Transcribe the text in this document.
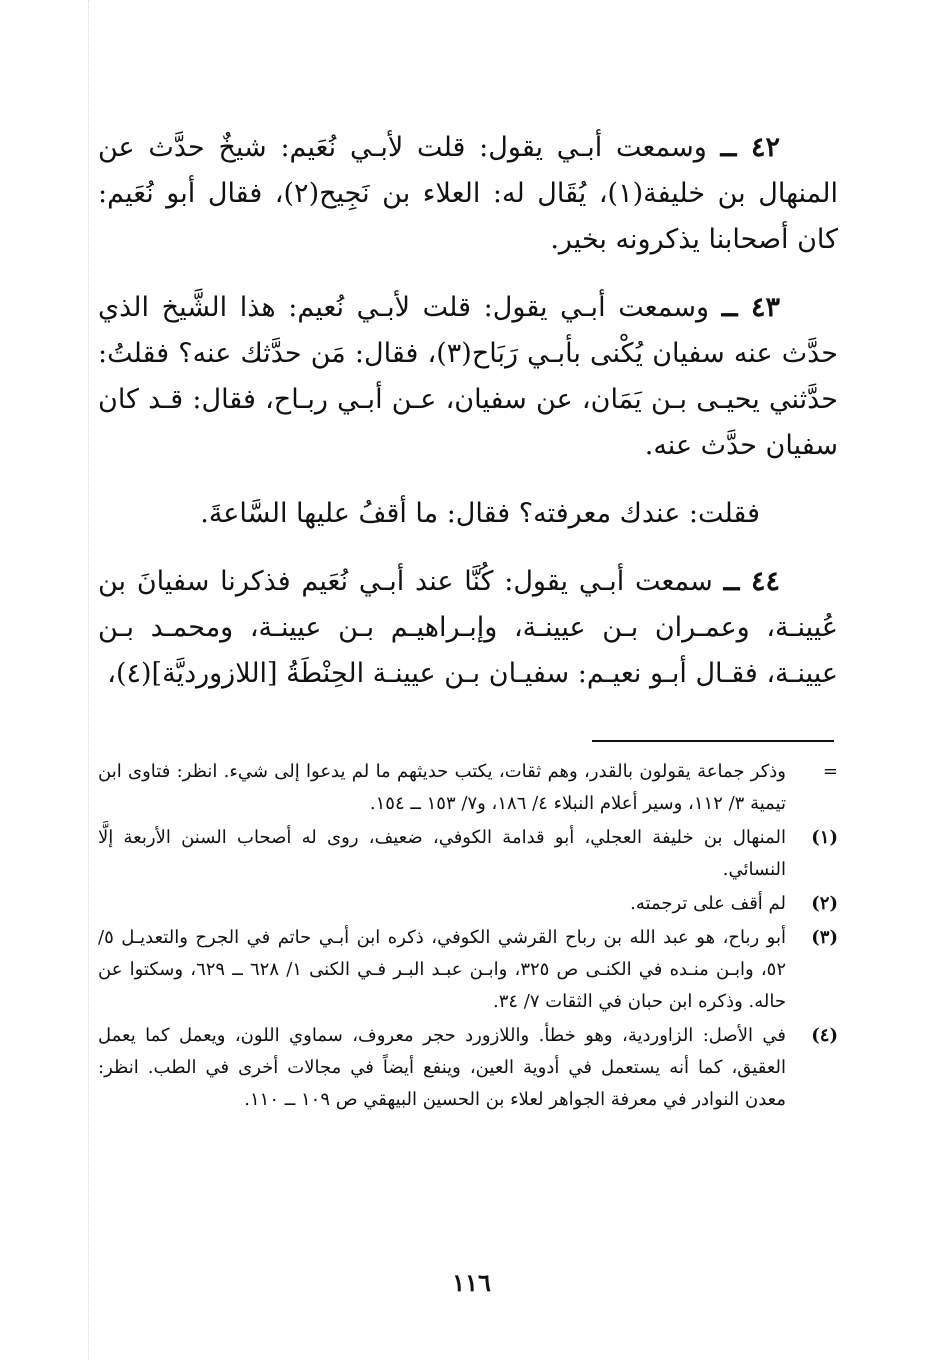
٤٢ ــ وسمعت أبـي يقول: قلت لأبـي نُعَيم: شيخٌ حدَّث عن المنهال بن خليفة(١)، يُقَال له: العلاء بن نَجِيح(٢)، فقال أبو نُعَيم: كان أصحابنا يذكرونه بخير.

٤٣ ــ وسمعت أبـي يقول: قلت لأبـي نُعيم: هذا الشَّيخ الذي حدَّث عنه سفيان يُكْنى بأبـي رَبَاح(٣)، فقال: مَن حدَّثك عنه؟ فقلتُ: حدَّثني يحيـى بـن يَمَان، عن سفيان، عـن أبـي ربـاح، فقال: قـد كان سفيان حدَّث عنه.

فقلت: عندك معرفته؟ فقال: ما أقفُ عليها السَّاعةَ.

٤٤ ــ سمعت أبـي يقول: كُنَّا عند أبـي نُعَيم فذكرنا سفيانَ بن عُيينـة، وعمـران بـن عيينـة، وإبـراهيـم بـن عيينـة، ومحمـد بـن عيينـة، فقـال أبـو نعيـم: سفيـان بـن عيينـة الحِنْطَةُ [اللازورديَّة](٤)،

=

وذكر جماعة يقولون بالقدر، وهم ثقات، يكتب حديثهم ما لم يدعوا إلى شيء. انظر: فتاوى ابن تيمية ٣/ ١١٢، وسير أعلام النبلاء ٤/ ١٨٦، و٧/ ١٥٣ ــ ١٥٤.

(١)

المنهال بن خليفة العجلي، أبو قدامة الكوفي، ضعيف، روى له أصحاب السنن الأربعة إلَّا النسائي.

(٢)

لم أقف على ترجمته.

(٣)

أبو رباح، هو عبد الله بن رباح القرشي الكوفي، ذكره ابن أبـي حاتم في الجرح والتعديـل ٥/ ٥٢، وابـن منـده في الكنـى ص ٣٢٥، وابـن عبـد البـر فـي الكنى ١/ ٦٢٨ ــ ٦٢٩، وسكتوا عن حاله. وذكره ابن حبان في الثقات ٧/ ٣٤.

(٤)

في الأصل: الزاوردية، وهو خطأ. واللازورد حجر معروف، سماوي اللون، ويعمل كما يعمل العقيق، كما أنه يستعمل في أدوية العين، وينفع أيضاً في مجالات أخرى في الطب. انظر: معدن النوادر في معرفة الجواهر لعلاء بن الحسين البيهقي ص ١٠٩ ــ ١١٠.

١١٦
